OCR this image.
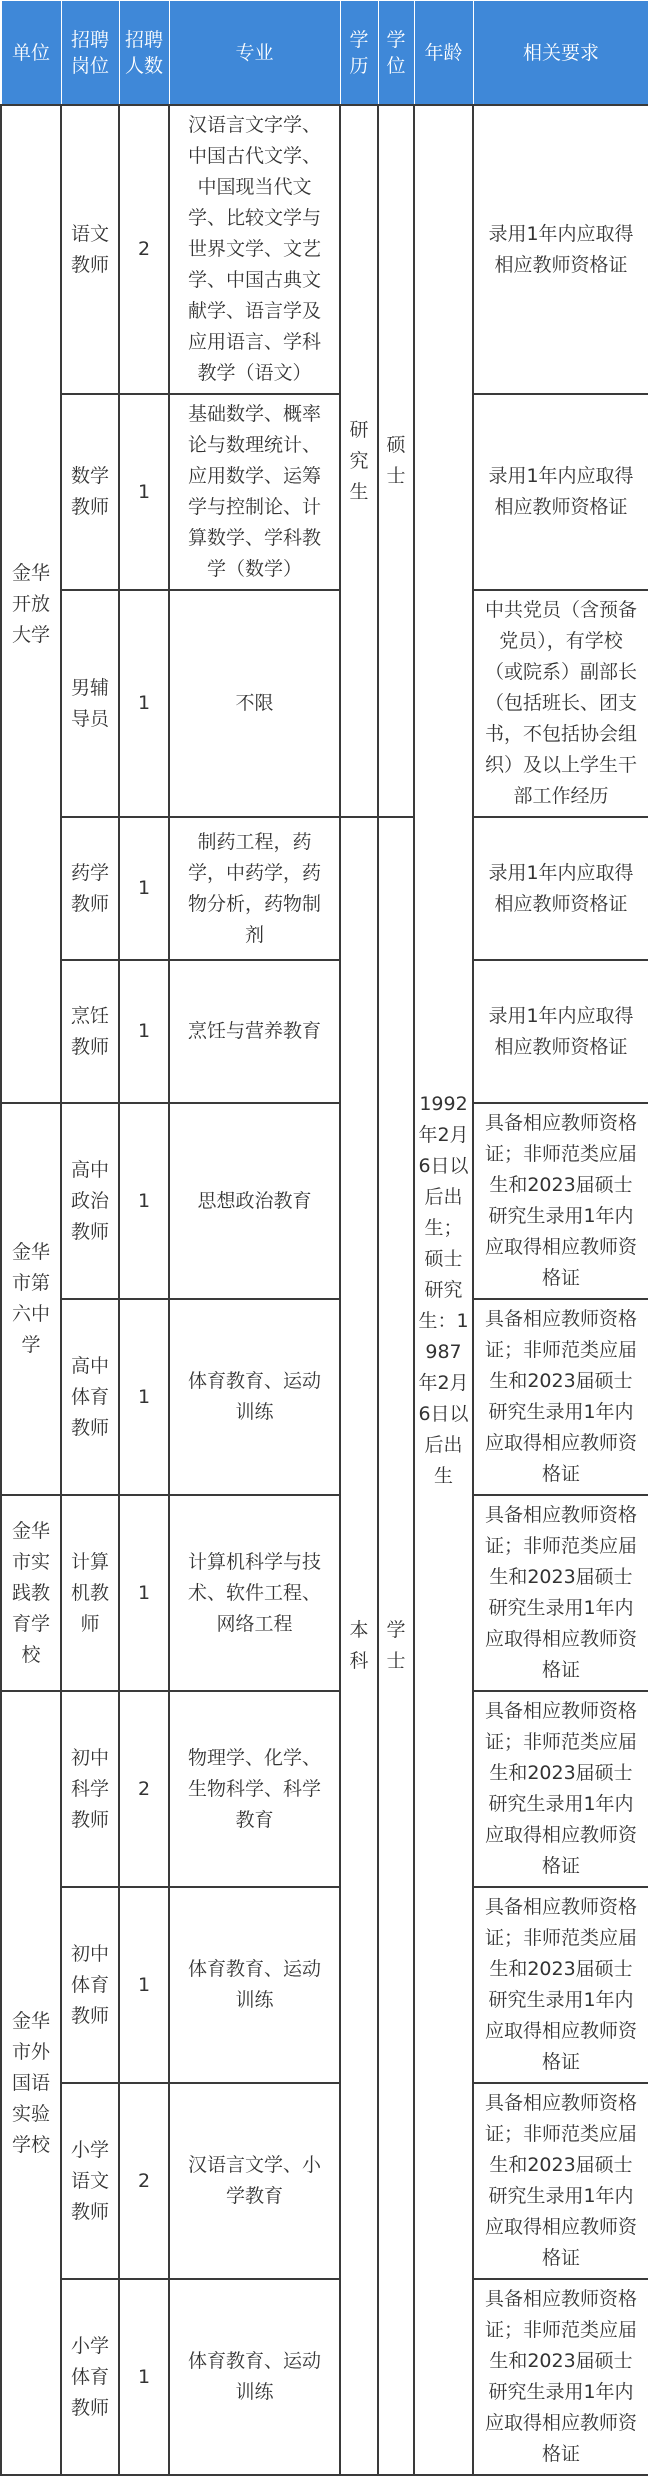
单位	招聘岗位	招聘人数	专业	学历	学位	年龄	相关要求
金华开放大学	语文教师	2	汉语言文字学、中国古代文学、中国现当代文学、比较文学与世界文学、文艺学、中国古典文献学、语言学及应用语言、学科教学（语文）	研究生	硕士	1992年2月6日以后出生；硕士研究生：1987年2月6日以后出生	录用1年内应取得相应教师资格证
	数学教师	1	基础数学、概率论与数理统计、应用数学、运筹学与控制论、计算数学、学科教学（数学）				录用1年内应取得相应教师资格证
	男辅导员	1	不限				中共党员（含预备党员），有学校（或院系）副部长（包括班长、团支书，不包括协会组织）及以上学生干部工作经历
	药学教师	1	制药工程，药学，中药学，药物分析，药物制剂	本科	学士		录用1年内应取得相应教师资格证
	烹饪教师	1	烹饪与营养教育				录用1年内应取得相应教师资格证
金华市第六中学	高中政治教师	1	思想政治教育				具备相应教师资格证；非师范类应届生和2023届硕士研究生录用1年内应取得相应教师资格证
	高中体育教师	1	体育教育、运动训练				具备相应教师资格证；非师范类应届生和2023届硕士研究生录用1年内应取得相应教师资格证
金华市实践教育学校	计算机教师	1	计算机科学与技术、软件工程、网络工程				具备相应教师资格证；非师范类应届生和2023届硕士研究生录用1年内应取得相应教师资格证
金华市外国语实验学校	初中科学教师	2	物理学、化学、生物科学、科学教育				具备相应教师资格证；非师范类应届生和2023届硕士研究生录用1年内应取得相应教师资格证
	初中体育教师	1	体育教育、运动训练				具备相应教师资格证；非师范类应届生和2023届硕士研究生录用1年内应取得相应教师资格证
	小学语文教师	2	汉语言文学、小学教育				具备相应教师资格证；非师范类应届生和2023届硕士研究生录用1年内应取得相应教师资格证
	小学体育教师	1	体育教育、运动训练				具备相应教师资格证；非师范类应届生和2023届硕士研究生录用1年内应取得相应教师资格证
